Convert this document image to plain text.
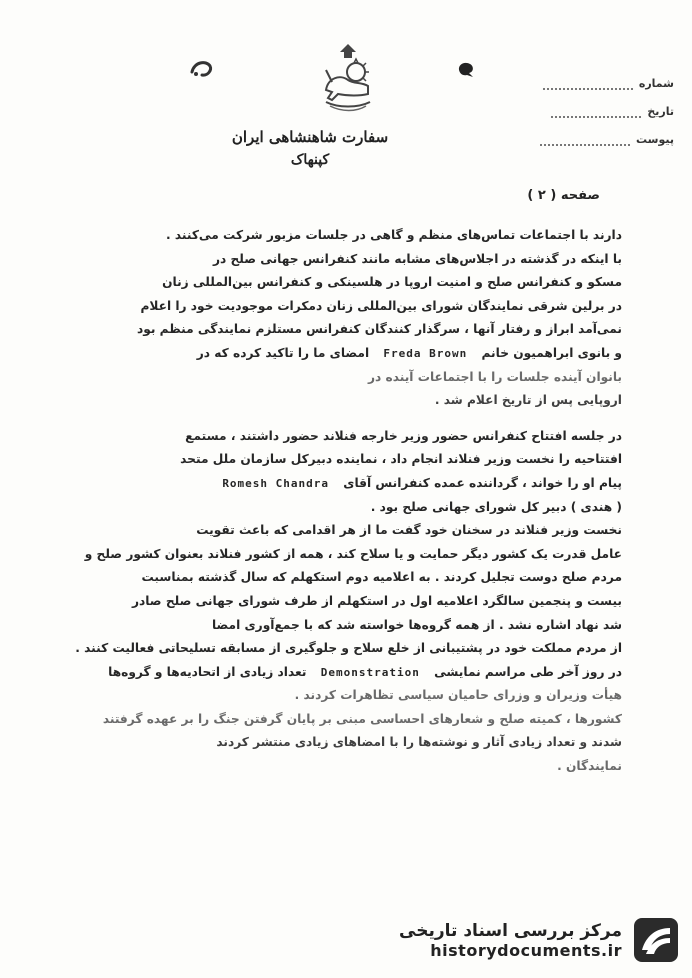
شماره
تاریخ
پیوست
سفارت شاهنشاهی ایران
کپنهاک
صفحه ( ۲ )
دارند با اجتماعات تماس‌های منظم و گاهی در جلسات مزبور شرکت می‌کنند .
با اینکه در گذشته در اجلاس‌های مشابه مانند کنفرانس جهانی صلح در
مسکو و کنفرانس صلح و امنیت اروپا در هلسینکی و کنفرانس بین‌المللی زنان
در برلین شرقی نمایندگان شورای بین‌المللی زنان دمکرات موجودیت خود را اعلام
نمی‌آمد ابراز و رفتار آنها ، سرگذار کنندگان کنفرانس مستلزم نمایندگی منظم بود
و بانوی ابراهمیون خانم Freda Brown امضای ما را تاکید کرده که در
بانوان آینده جلسات را با اجتماعات آینده در
اروپایی پس از تاریخ اعلام شد .
در جلسه افتتاح کنفرانس حضور وزیر خارجه فنلاند حضور داشتند ، مستمع
افتتاحیه را نخست وزیر فنلاند انجام داد ، نماینده دبیرکل سازمان ملل متحد
پیام او را خواند ، گرداننده عمده کنفرانس آقای Romesh Chandra
( هندی ) دبیر کل شورای جهانی صلح بود .
نخست وزیر فنلاند در سخنان خود گفت ما از هر اقدامی که باعث تقویت
عامل قدرت یک کشور دیگر حمایت و یا سلاح کند ، همه از کشور فنلاند بعنوان کشور صلح و
مردم صلح دوست تجلیل کردند . به اعلامیه دوم استکهلم که سال گذشته بمناسبت
بیست و پنجمین سالگرد اعلامیه اول در استکهلم از طرف شورای جهانی صلح صادر
شد نهاد اشاره نشد . از همه گروه‌ها خواسته شد که با جمع‌آوری امضا
از مردم مملکت خود در پشتیبانی از خلع سلاح و جلوگیری از مسابقه تسلیحاتی فعالیت کنند .
در روز آخر طی مراسم نمایشی Demonstration تعداد زیادی از اتحادیه‌ها و گروه‌ها
هیأت وزیران و وزرای حامیان سیاسی تظاهرات کردند .
کشورها ، کمیته صلح و شعارهای احساسی مبنی بر پایان گرفتن جنگ را بر عهده گرفتند
شدند و تعداد زیادی آثار و نوشته‌ها را با امضاهای زیادی منتشر کردند
نمایندگان .
مرکز بررسی اسناد تاریخی
historydocuments.ir
